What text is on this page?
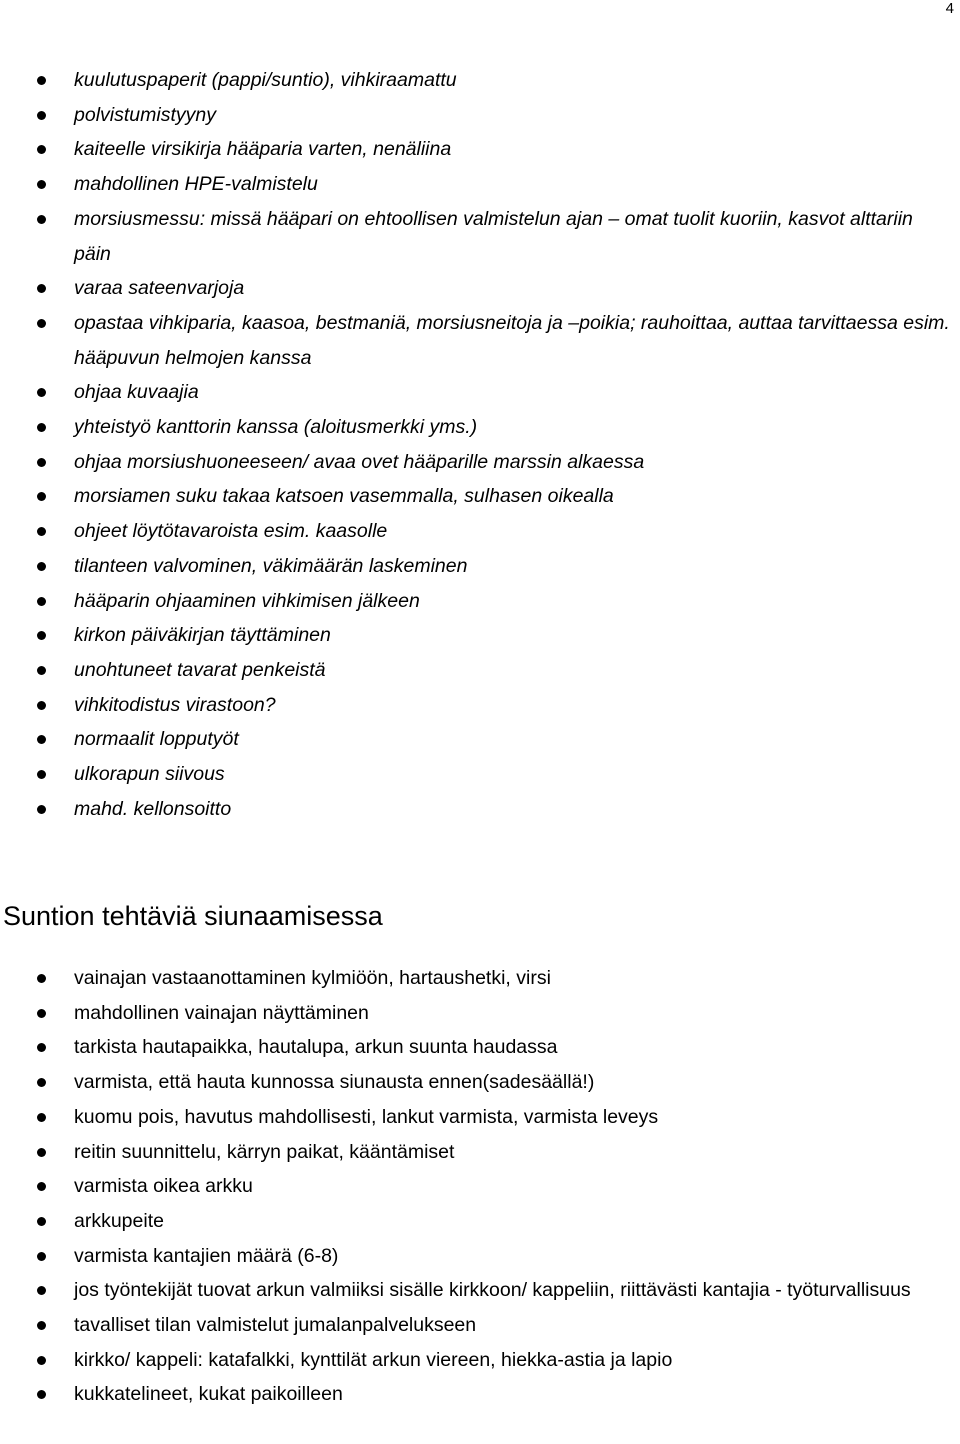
4
kuulutuspaperit (pappi/suntio), vihkiraamattu
polvistumistyyny
kaiteelle virsikirja hääparia varten, nenäliina
mahdollinen HPE-valmistelu
morsiusmessu: missä hääpari on ehtoollisen valmistelun ajan – omat tuolit kuoriin, kasvot alttariin päin
varaa sateenvarjoja
opastaa vihkiparia, kaasoa, bestmaniä, morsiusneitoja ja –poikia; rauhoittaa, auttaa tarvittaessa esim. hääpuvun helmojen kanssa
ohjaa kuvaajia
yhteistyö kanttorin kanssa (aloitusmerkki yms.)
ohjaa morsiushuoneeseen/ avaa ovet hääparille marssin alkaessa
morsiamen suku takaa katsoen vasemmalla, sulhasen oikealla
ohjeet löytötavaroista esim. kaasolle
tilanteen valvominen, väkimäärän laskeminen
hääparin ohjaaminen vihkimisen jälkeen
kirkon päiväkirjan täyttäminen
unohtuneet tavarat penkeistä
vihkitodistus virastoon?
normaalit lopputyöt
ulkorapun siivous
mahd. kellonsoitto
Suntion tehtäviä siunaamisessa
vainajan vastaanottaminen kylmiöön, hartaushetki, virsi
mahdollinen vainajan näyttäminen
tarkista hautapaikka, hautalupa, arkun suunta haudassa
varmista, että hauta kunnossa siunausta ennen(sadesäällä!)
kuomu pois, havutus mahdollisesti, lankut varmista, varmista leveys
reitin suunnittelu, kärryn paikat, kääntämiset
varmista oikea arkku
arkkupeite
varmista kantajien määrä (6-8)
jos työntekijät tuovat arkun valmiiksi sisälle kirkkoon/ kappeliin, riittävästi kantajia - työturvallisuus
tavalliset tilan valmistelut jumalanpalvelukseen
kirkko/ kappeli: katafalkki, kynttilät arkun viereen, hiekka-astia ja lapio
kukkatelineet, kukat paikoilleen
